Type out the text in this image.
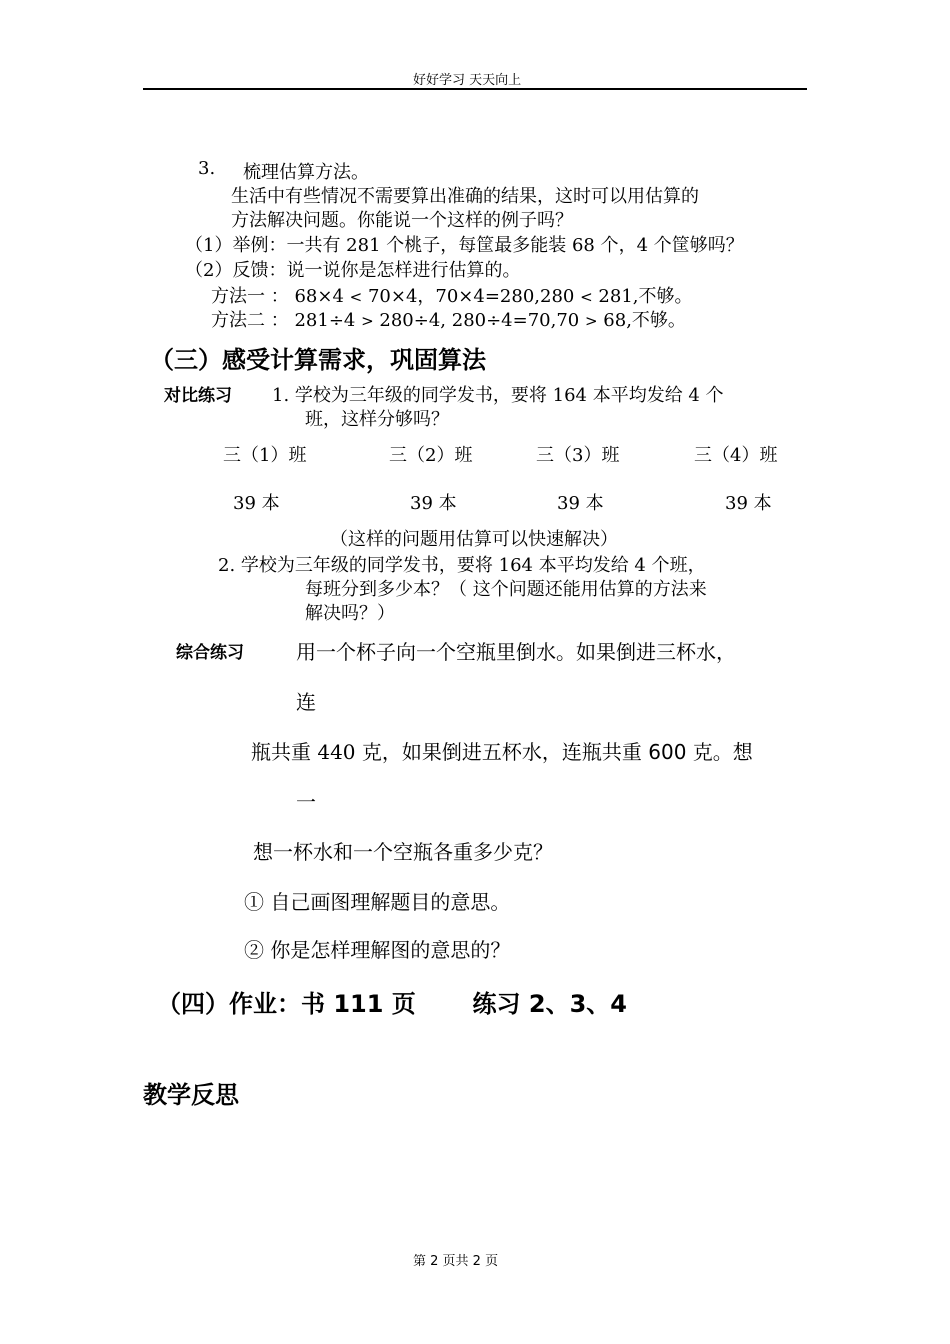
好好学习 天天向上
3. 梳理估算方法。
生活中有些情况不需要算出准确的结果，这时可以用估算的
方法解决问题。你能说一个这样的例子吗？
（1）举例：一共有 281 个桃子，每筐最多能装 68 个，4 个筐够吗？
（2）反馈：说一说你是怎样进行估算的。
方法一 ： 68×4 < 70×4，70×4=280,280 < 281,不够。
方法二 ： 281÷4 > 280÷4, 280÷4=70,70 > 68,不够。
（三）感受计算需求，巩固算法
对比练习 1. 学校为三年级的同学发书，要将 164 本平均发给 4 个
班，这样分够吗？
三（1）班	三（2）班	三（3）班	三（4）班
39 本	39 本	39 本	39 本
（这样的问题用估算可以快速解决）
2. 学校为三年级的同学发书，要将 164 本平均发给 4 个班，
每班分到多少本？（ 这个问题还能用估算的方法来
解决吗？）
综合练习	用一个杯子向一个空瓶里倒水。如果倒进三杯水，
连
瓶共重 440 克，如果倒进五杯水，连瓶共重 600 克。想
一
想一杯水和一个空瓶各重多少克？
① 自己画图理解题目的意思。
② 你是怎样理解图的意思的？
（四）作业：书 111 页 练习 2、3、4
教学反思
第 2 页共 2 页
